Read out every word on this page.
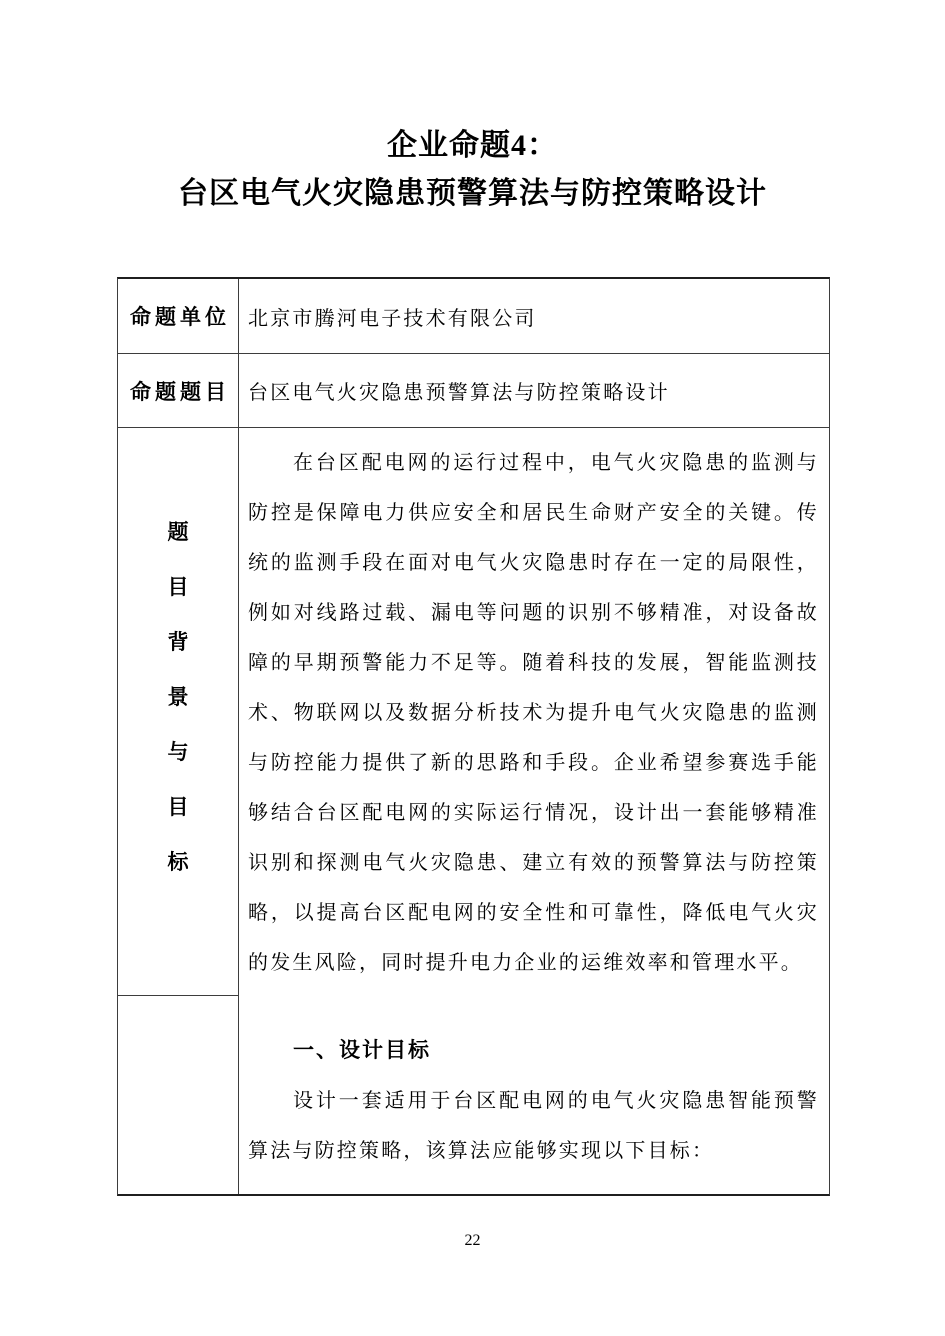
企业命题4：
台区电气火灾隐患预警算法与防控策略设计
命题单位 北京市腾河电子技术有限公司
命题题目 台区电气火灾隐患预警算法与防控策略设计
题
目
背
景
与
目
标

在台区配电网的运行过程中，电气火灾隐患的监测与防控是保障电力供应安全和居民生命财产安全的关键。传统的监测手段在面对电气火灾隐患时存在一定的局限性，例如对线路过载、漏电等问题的识别不够精准，对设备故障的早期预警能力不足等。随着科技的发展，智能监测技术、物联网以及数据分析技术为提升电气火灾隐患的监测与防控能力提供了新的思路和手段。企业希望参赛选手能够结合台区配电网的实际运行情况，设计出一套能够精准识别和探测电气火灾隐患、建立有效的预警算法与防控策略，以提高台区配电网的安全性和可靠性，降低电气火灾的发生风险，同时提升电力企业的运维效率和管理水平。

一、设计目标

设计一套适用于台区配电网的电气火灾隐患智能预警算法与防控策略，该算法应能够实现以下目标：

22
